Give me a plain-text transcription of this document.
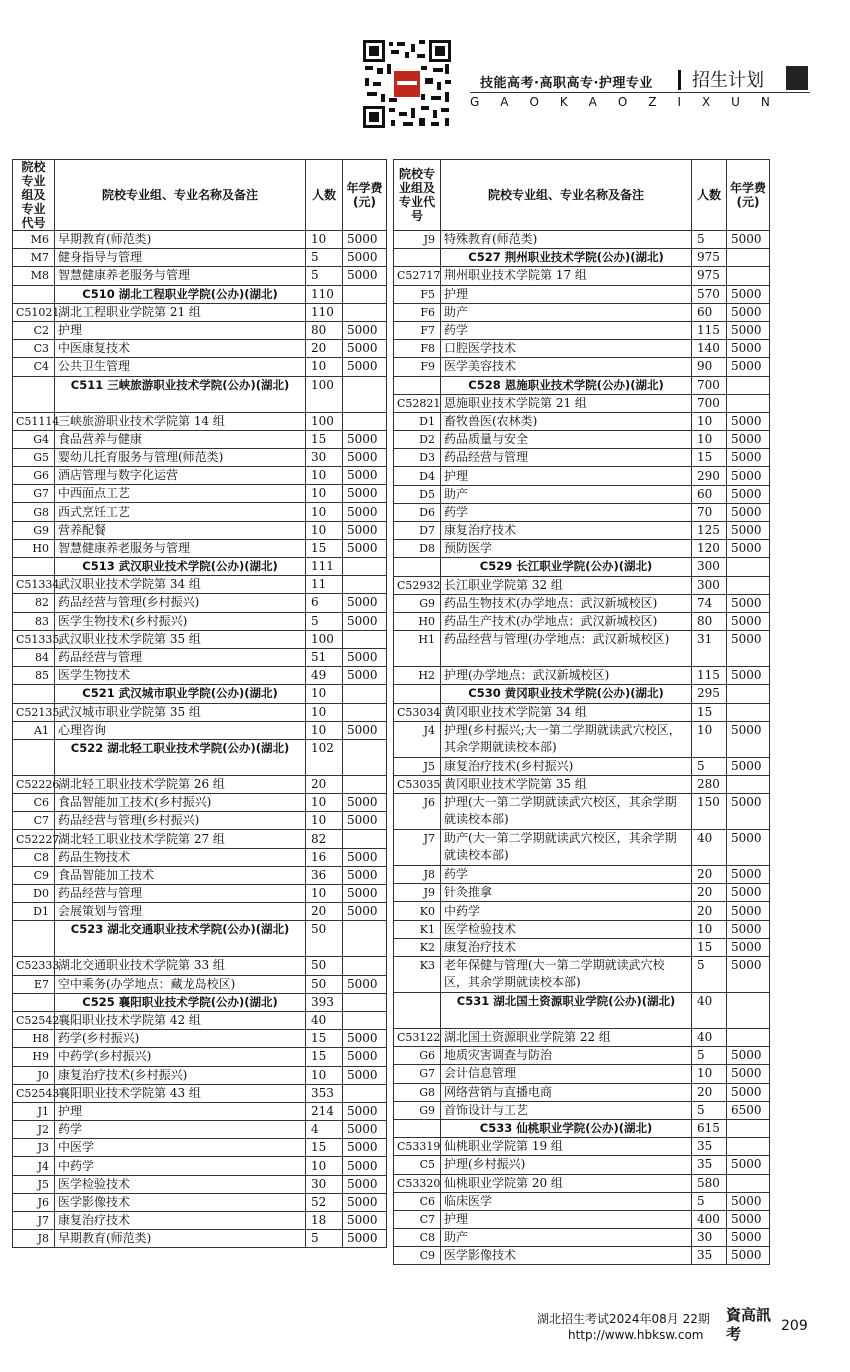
技能高考·高职高专·护理专业 招生计划
G A O K A O Z I X U N
院校专业组及专业代号	院校专业组、专业名称及备注	人数	年学费(元)
M6	早期教育(师范类)	10	5000
M7	健身指导与管理	5	5000
M8	智慧健康养老服务与管理	5	5000
	C510 湖北工程职业学院(公办)(湖北)	110	
C51021	湖北工程职业学院第 21 组	110	
C2	护理	80	5000
C3	中医康复技术	20	5000
C4	公共卫生管理	10	5000
	C511 三峡旅游职业技术学院(公办)(湖北)	100	
C51114	三峡旅游职业技术学院第 14 组	100	
G4	食品营养与健康	15	5000
G5	婴幼儿托育服务与管理(师范类)	30	5000
G6	酒店管理与数字化运营	10	5000
G7	中西面点工艺	10	5000
G8	西式烹饪工艺	10	5000
G9	营养配餐	10	5000
H0	智慧健康养老服务与管理	15	5000
	C513 武汉职业技术学院(公办)(湖北)	111	
C51334	武汉职业技术学院第 34 组	11	
82	药品经营与管理(乡村振兴)	6	5000
83	医学生物技术(乡村振兴)	5	5000
C51335	武汉职业技术学院第 35 组	100	
84	药品经营与管理	51	5000
85	医学生物技术	49	5000
	C521 武汉城市职业学院(公办)(湖北)	10	
C52135	武汉城市职业学院第 35 组	10	
A1	心理咨询	10	5000
	C522 湖北轻工职业技术学院(公办)(湖北)	102	
C52226	湖北轻工职业技术学院第 26 组	20	
C6	食品智能加工技术(乡村振兴)	10	5000
C7	药品经营与管理(乡村振兴)	10	5000
C52227	湖北轻工职业技术学院第 27 组	82	
C8	药品生物技术	16	5000
C9	食品智能加工技术	36	5000
D0	药品经营与管理	10	5000
D1	会展策划与管理	20	5000
	C523 湖北交通职业技术学院(公办)(湖北)	50	
C52333	湖北交通职业技术学院第 33 组	50	
E7	空中乘务(办学地点：藏龙岛校区)	50	5000
	C525 襄阳职业技术学院(公办)(湖北)	393	
C52542	襄阳职业技术学院第 42 组	40	
H8	药学(乡村振兴)	15	5000
H9	中药学(乡村振兴)	15	5000
J0	康复治疗技术(乡村振兴)	10	5000
C52543	襄阳职业技术学院第 43 组	353	
J1	护理	214	5000
J2	药学	4	5000
J3	中医学	15	5000
J4	中药学	10	5000
J5	医学检验技术	30	5000
J6	医学影像技术	52	5000
J7	康复治疗技术	18	5000
J8	早期教育(师范类)	5	5000
院校专业组及专业代号	院校专业组、专业名称及备注	人数	年学费(元)
J9	特殊教育(师范类)	5	5000
	C527 荆州职业技术学院(公办)(湖北)	975	
C52717	荆州职业技术学院第 17 组	975	
F5	护理	570	5000
F6	助产	60	5000
F7	药学	115	5000
F8	口腔医学技术	140	5000
F9	医学美容技术	90	5000
	C528 恩施职业技术学院(公办)(湖北)	700	
C52821	恩施职业技术学院第 21 组	700	
D1	畜牧兽医(农林类)	10	5000
D2	药品质量与安全	10	5000
D3	药品经营与管理	15	5000
D4	护理	290	5000
D5	助产	60	5000
D6	药学	70	5000
D7	康复治疗技术	125	5000
D8	预防医学	120	5000
	C529 长江职业学院(公办)(湖北)	300	
C52932	长江职业学院第 32 组	300	
G9	药品生物技术(办学地点：武汉新城校区)	74	5000
H0	药品生产技术(办学地点：武汉新城校区)	80	5000
H1	药品经营与管理(办学地点：武汉新城校区)	31	5000
H2	护理(办学地点：武汉新城校区)	115	5000
	C530 黄冈职业技术学院(公办)(湖北)	295	
C53034	黄冈职业技术学院第 34 组	15	
J4	护理(乡村振兴;大一第二学期就读武穴校区，其余学期就读校本部)	10	5000
J5	康复治疗技术(乡村振兴)	5	5000
C53035	黄冈职业技术学院第 35 组	280	
J6	护理(大一第二学期就读武穴校区，其余学期就读校本部)	150	5000
J7	助产(大一第二学期就读武穴校区，其余学期就读校本部)	40	5000
J8	药学	20	5000
J9	针灸推拿	20	5000
K0	中药学	20	5000
K1	医学检验技术	10	5000
K2	康复治疗技术	15	5000
K3	老年保健与管理(大一第二学期就读武穴校区，其余学期就读校本部)	5	5000
	C531 湖北国土资源职业学院(公办)(湖北)	40	
C53122	湖北国土资源职业学院第 22 组	40	
G6	地质灾害调查与防治	5	5000
G7	会计信息管理	10	5000
G8	网络营销与直播电商	20	5000
G9	首饰设计与工艺	5	6500
	C533 仙桃职业学院(公办)(湖北)	615	
C53319	仙桃职业学院第 19 组	35	
C5	护理(乡村振兴)	35	5000
C53320	仙桃职业学院第 20 组	580	
C6	临床医学	5	5000
C7	护理	400	5000
C8	助产	30	5000
C9	医学影像技术	35	5000
湖北招生考试2024年08月 22期
http://www.hbksw.com
資高訊考	209
